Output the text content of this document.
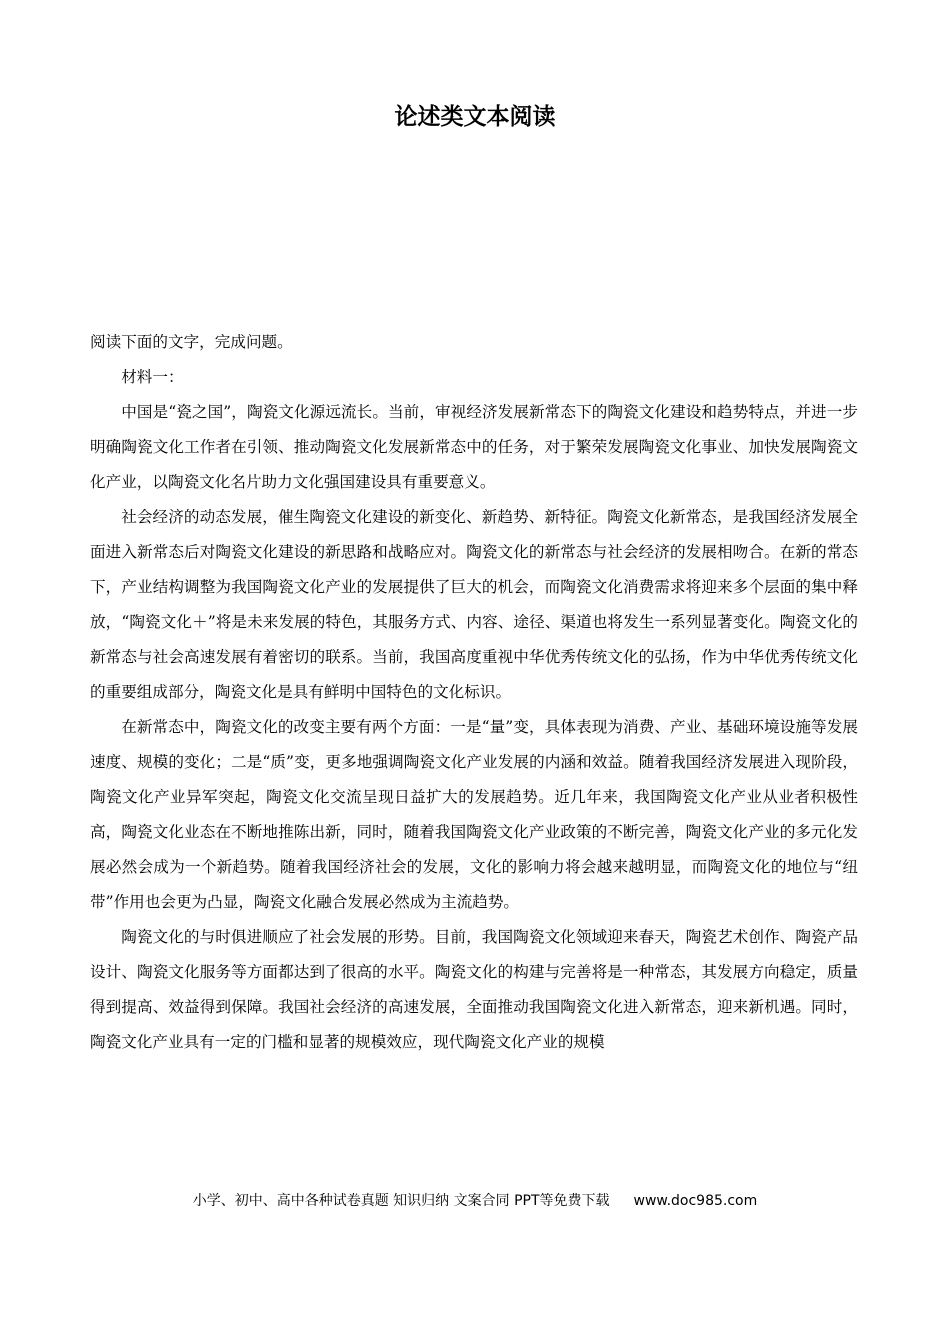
论述类文本阅读

阅读下面的文字，完成问题。

材料一：

中国是“瓷之国”，陶瓷文化源远流长。当前，审视经济发展新常态下的陶瓷文化建设和趋势特点，并进一步明确陶瓷文化工作者在引领、推动陶瓷文化发展新常态中的任务，对于繁荣发展陶瓷文化事业、加快发展陶瓷文化产业，以陶瓷文化名片助力文化强国建设具有重要意义。

社会经济的动态发展，催生陶瓷文化建设的新变化、新趋势、新特征。陶瓷文化新常态，是我国经济发展全面进入新常态后对陶瓷文化建设的新思路和战略应对。陶瓷文化的新常态与社会经济的发展相吻合。在新的常态下，产业结构调整为我国陶瓷文化产业的发展提供了巨大的机会，而陶瓷文化消费需求将迎来多个层面的集中释放，“陶瓷文化＋”将是未来发展的特色，其服务方式、内容、途径、渠道也将发生一系列显著变化。陶瓷文化的新常态与社会高速发展有着密切的联系。当前，我国高度重视中华优秀传统文化的弘扬，作为中华优秀传统文化的重要组成部分，陶瓷文化是具有鲜明中国特色的文化标识。

在新常态中，陶瓷文化的改变主要有两个方面：一是“量”变，具体表现为消费、产业、基础环境设施等发展速度、规模的变化；二是“质”变，更多地强调陶瓷文化产业发展的内涵和效益。随着我国经济发展进入现阶段，陶瓷文化产业异军突起，陶瓷文化交流呈现日益扩大的发展趋势。近几年来，我国陶瓷文化产业从业者积极性高，陶瓷文化业态在不断地推陈出新，同时，随着我国陶瓷文化产业政策的不断完善，陶瓷文化产业的多元化发展必然会成为一个新趋势。随着我国经济社会的发展，文化的影响力将会越来越明显，而陶瓷文化的地位与“纽带”作用也会更为凸显，陶瓷文化融合发展必然成为主流趋势。

陶瓷文化的与时俱进顺应了社会发展的形势。目前，我国陶瓷文化领域迎来春天，陶瓷艺术创作、陶瓷产品设计、陶瓷文化服务等方面都达到了很高的水平。陶瓷文化的构建与完善将是一种常态，其发展方向稳定，质量得到提高、效益得到保障。我国社会经济的高速发展，全面推动我国陶瓷文化进入新常态，迎来新机遇。同时，陶瓷文化产业具有一定的门槛和显著的规模效应，现代陶瓷文化产业的规模

小学、初中、高中各种试卷真题 知识归纳 文案合同 PPT等免费下载 www.doc985.com
